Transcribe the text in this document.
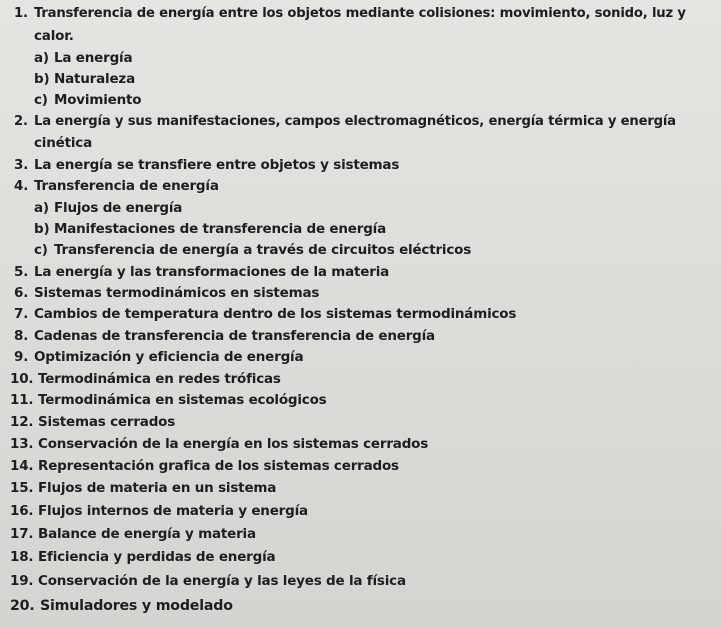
1. Transferencia de energía entre los objetos mediante colisiones: movimiento, sonido, luz y
calor.
a) La energía
b) Naturaleza
c) Movimiento
2. La energía y sus manifestaciones, campos electromagnéticos, energía térmica y energía
cinética
3. La energía se transfiere entre objetos y sistemas
4. Transferencia de energía
a) Flujos de energía
b) Manifestaciones de transferencia de energía
c) Transferencia de energía a través de circuitos eléctricos
5. La energía y las transformaciones de la materia
6. Sistemas termodinámicos en sistemas
7. Cambios de temperatura dentro de los sistemas termodinámicos
8. Cadenas de transferencia de transferencia de energía
9. Optimización y eficiencia de energía
10. Termodinámica en redes tróficas
11. Termodinámica en sistemas ecológicos
12. Sistemas cerrados
13. Conservación de la energía en los sistemas cerrados
14. Representación grafica de los sistemas cerrados
15. Flujos de materia en un sistema
16. Flujos internos de materia y energía
17. Balance de energía y materia
18. Eficiencia y perdidas de energía
19. Conservación de la energía y las leyes de la física
20. Simuladores y modelado
